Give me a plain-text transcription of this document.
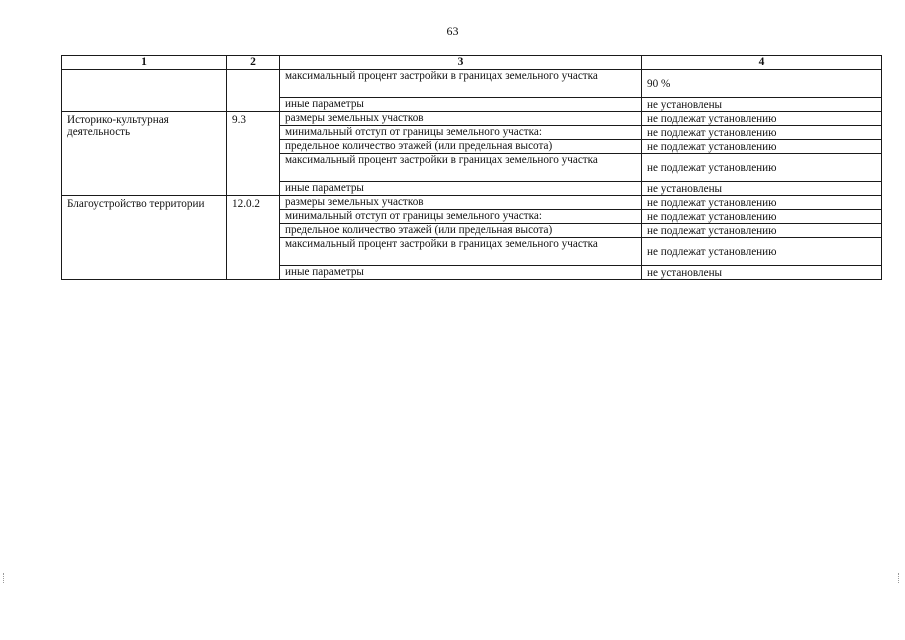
63
1	2	3	4
		максимальный процент застройки в границах земельного участка	90 %
		иные параметры	не установлены
Историко-культурная деятельность	9.3	размеры земельных участков	не подлежат установлению
		минимальный отступ от границы земельного участка:	не подлежат установлению
		предельное количество этажей (или предельная высота)	не подлежат установлению
		максимальный процент застройки в границах земельного участка	не подлежат установлению
		иные параметры	не установлены
Благоустройство территории	12.0.2	размеры земельных участков	не подлежат установлению
		минимальный отступ от границы земельного участка:	не подлежат установлению
		предельное количество этажей (или предельная высота)	не подлежат установлению
		максимальный процент застройки в границах земельного участка	не подлежат установлению
		иные параметры	не установлены
